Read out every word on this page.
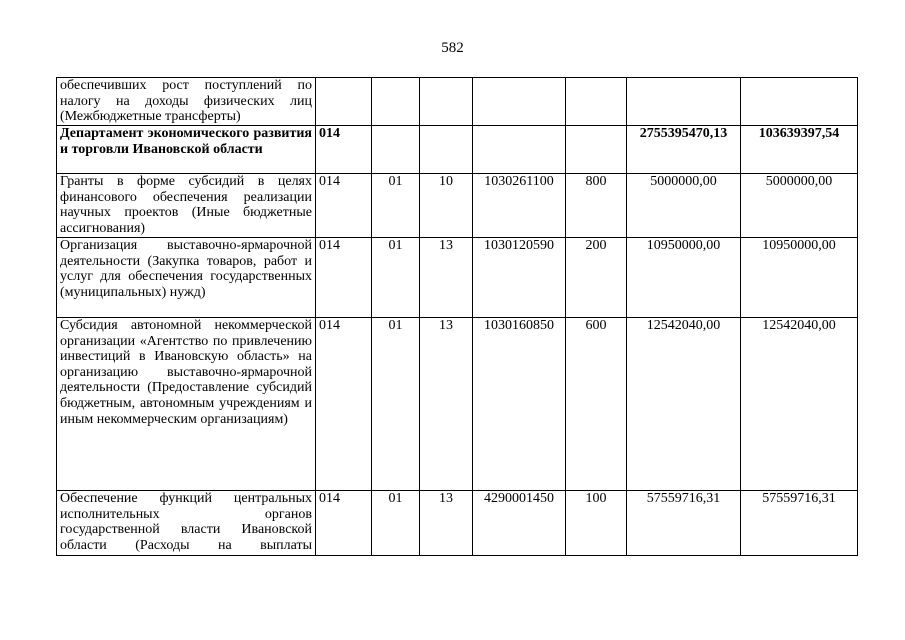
582
обеспечивших рост поступлений по налогу на доходы физических лиц (Межбюджетные трансферты)							
Департамент экономического развития и торговли Ивановской области	014					2755395470,13	103639397,54
Гранты в форме субсидий в целях финансового обеспечения реализации научных проектов (Иные бюджетные ассигнования)	014	01	10	1030261100	800	5000000,00	5000000,00
Организация выставочно-ярмарочной деятельности (Закупка товаров, работ и услуг для обеспечения государственных (муниципальных) нужд)	014	01	13	1030120590	200	10950000,00	10950000,00
Субсидия автономной некоммерческой организации «Агентство по привлечению инвестиций в Ивановскую область» на организацию выставочно-ярмарочной деятельности (Предоставление субсидий бюджетным, автономным учреждениям и иным некоммерческим организациям)	014	01	13	1030160850	600	12542040,00	12542040,00
Обеспечение функций центральных исполнительных органов государственной власти Ивановской области (Расходы на выплаты	014	01	13	4290001450	100	57559716,31	57559716,31
